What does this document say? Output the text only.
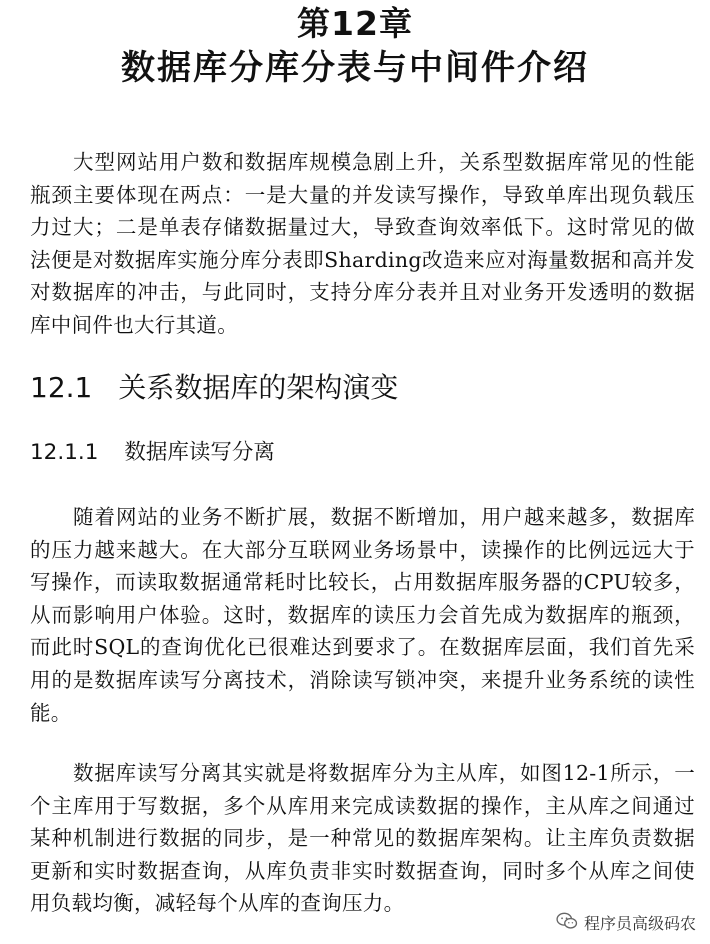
第12章
数据库分库分表与中间件介绍
大型网站用户数和数据库规模急剧上升，关系型数据库常见的性能瓶颈主要体现在两点：一是大量的并发读写操作，导致单库出现负载压力过大；二是单表存储数据量过大，导致查询效率低下。这时常见的做法便是对数据库实施分库分表即Sharding改造来应对海量数据和高并发对数据库的冲击，与此同时，支持分库分表并且对业务开发透明的数据库中间件也大行其道。
12.1 关系数据库的架构演变
12.1.1 数据库读写分离
随着网站的业务不断扩展，数据不断增加，用户越来越多，数据库的压力越来越大。在大部分互联网业务场景中，读操作的比例远远大于写操作，而读取数据通常耗时比较长，占用数据库服务器的CPU较多，从而影响用户体验。这时，数据库的读压力会首先成为数据库的瓶颈，而此时SQL的查询优化已很难达到要求了。在数据库层面，我们首先采用的是数据库读写分离技术，消除读写锁冲突，来提升业务系统的读性能。
数据库读写分离其实就是将数据库分为主从库，如图12-1所示，一个主库用于写数据，多个从库用来完成读数据的操作，主从库之间通过某种机制进行数据的同步，是一种常见的数据库架构。让主库负责数据更新和实时数据查询，从库负责非实时数据查询，同时多个从库之间使用负载均衡，减轻每个从库的查询压力。
程序员高级码农
